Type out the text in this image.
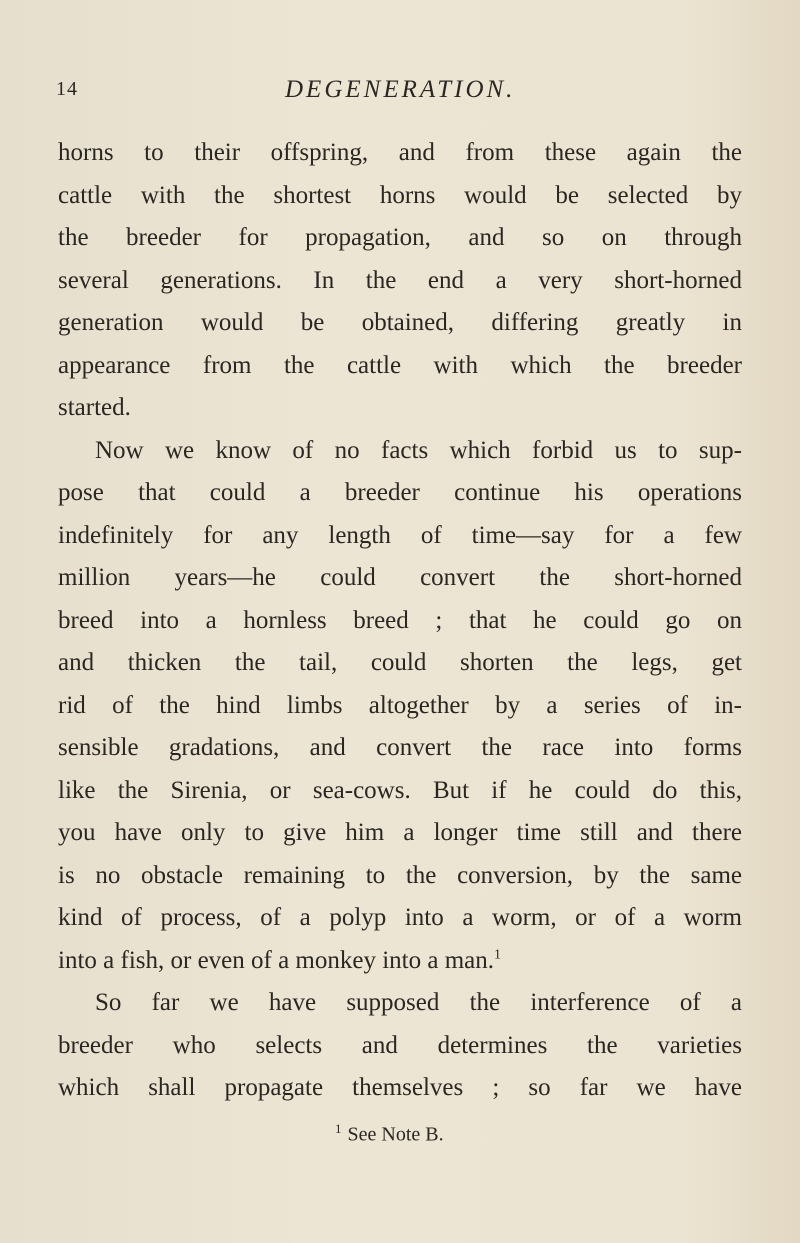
14	DEGENERATION.
horns to their offspring, and from these again the
cattle with the shortest horns would be selected by
the breeder for propagation, and so on through
several generations. In the end a very short-horned
generation would be obtained, differing greatly in
appearance from the cattle with which the breeder
started.
Now we know of no facts which forbid us to sup-
pose that could a breeder continue his operations
indefinitely for any length of time—say for a few
million years—he could convert the short-horned
breed into a hornless breed ; that he could go on
and thicken the tail, could shorten the legs, get
rid of the hind limbs altogether by a series of in-
sensible gradations, and convert the race into forms
like the Sirenia, or sea-cows. But if he could do this,
you have only to give him a longer time still and there
is no obstacle remaining to the conversion, by the same
kind of process, of a polyp into a worm, or of a worm
into a fish, or even of a monkey into a man.$^1$
So far we have supposed the interference of a
breeder who selects and determines the varieties
which shall propagate themselves ; so far we have
$^1$ See Note B.
